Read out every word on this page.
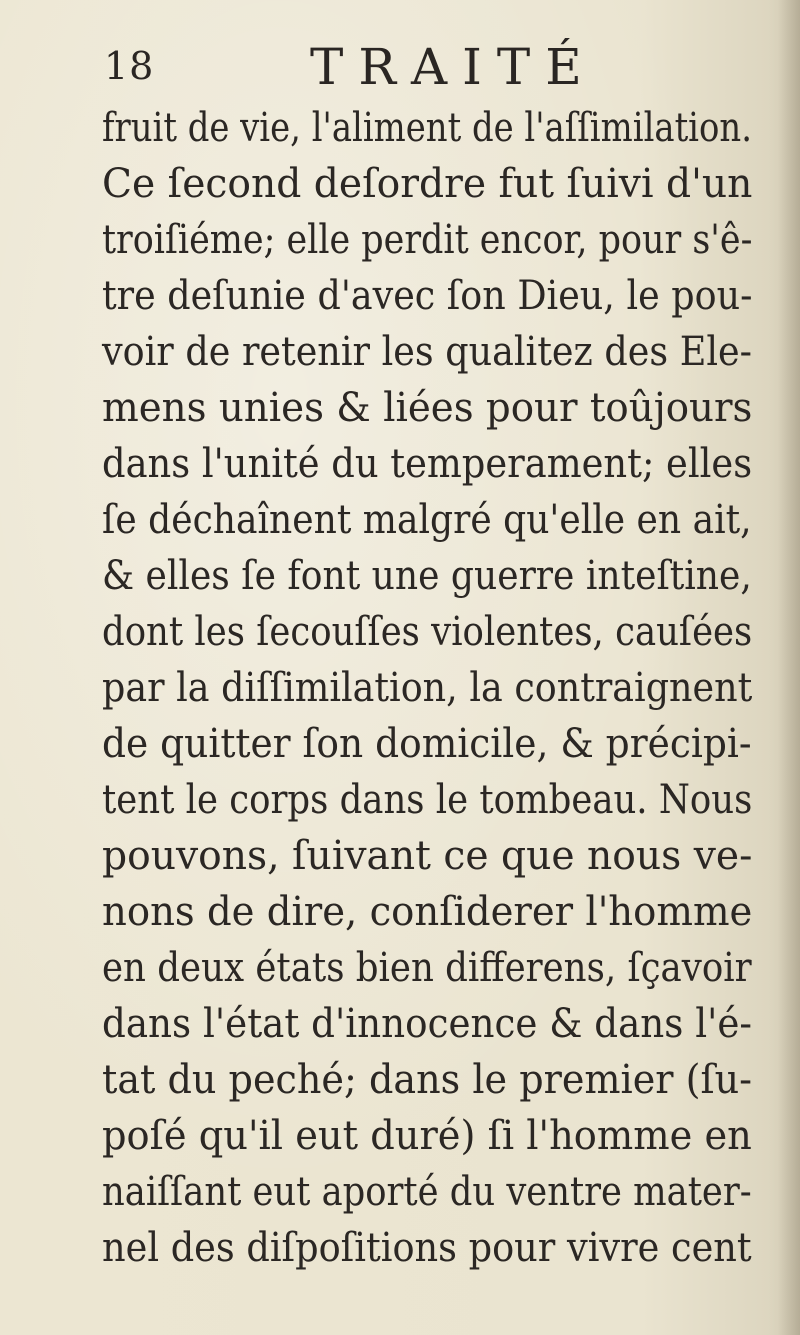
18	TRAITÉ
fruit de vie, l'aliment de l'aſſimilation.
Ce ſecond deſordre fut ſuivi d'un
troiſiéme; elle perdit encor, pour s'ê-
tre deſunie d'avec ſon Dieu, le pou-
voir de retenir les qualitez des Ele-
mens unies & liées pour toûjours
dans l'unité du temperament; elles
ſe déchaînent malgré qu'elle en ait,
& elles ſe font une guerre inteſtine,
dont les ſecouſſes violentes, cauſées
par la diſſimilation, la contraignent
de quitter ſon domicile, & précipi-
tent le corps dans le tombeau. Nous
pouvons, ſuivant ce que nous ve-
nons de dire, conſiderer l'homme
en deux états bien differens, ſçavoir
dans l'état d'innocence & dans l'é-
tat du peché; dans le premier (ſu-
poſé qu'il eut duré) ſi l'homme en
naiſſant eut aporté du ventre mater-
nel des diſpoſitions pour vivre cent
